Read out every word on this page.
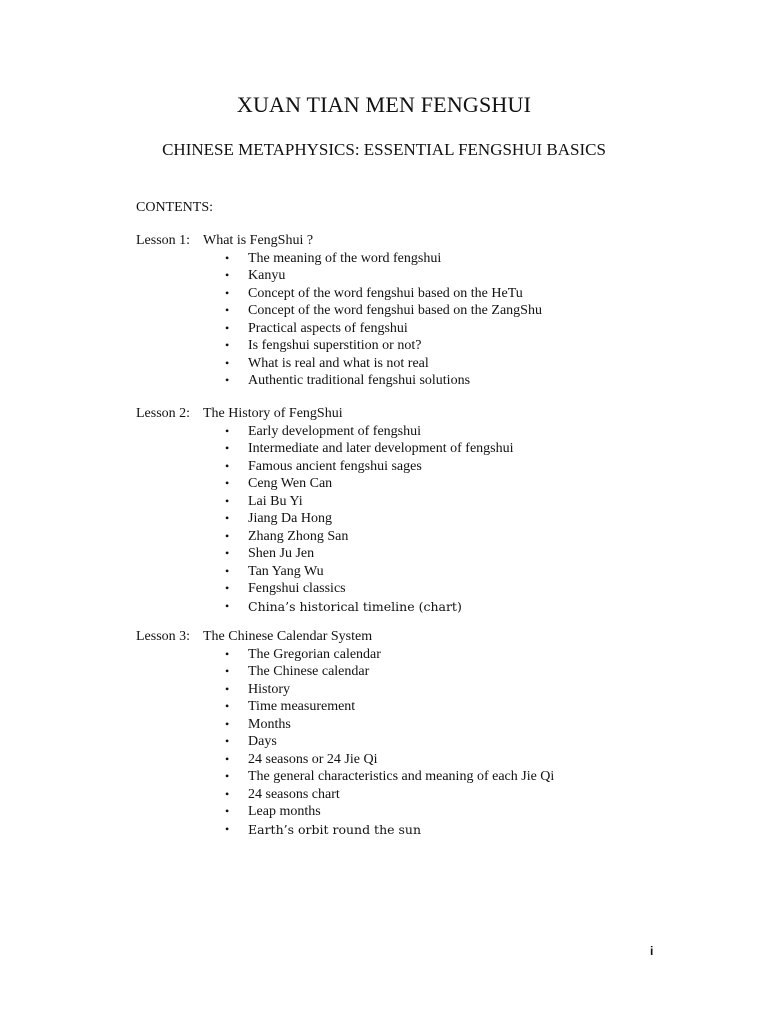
XUAN TIAN MEN FENGSHUI
CHINESE METAPHYSICS: ESSENTIAL FENGSHUI BASICS
CONTENTS:
Lesson 1: What is FengShui ?
• The meaning of the word fengshui
• Kanyu
• Concept of the word fengshui based on the HeTu
• Concept of the word fengshui based on the ZangShu
• Practical aspects of fengshui
• Is fengshui superstition or not?
• What is real and what is not real
• Authentic traditional fengshui solutions
Lesson 2: The History of FengShui
• Early development of fengshui
• Intermediate and later development of fengshui
• Famous ancient fengshui sages
• Ceng Wen Can
• Lai Bu Yi
• Jiang Da Hong
• Zhang Zhong San
• Shen Ju Jen
• Tan Yang Wu
• Fengshui classics
• China’s historical timeline (chart)
Lesson 3: The Chinese Calendar System
• The Gregorian calendar
• The Chinese calendar
• History
• Time measurement
• Months
• Days
• 24 seasons or 24 Jie Qi
• The general characteristics and meaning of each Jie Qi
• 24 seasons chart
• Leap months
• Earth’s orbit round the sun
i
